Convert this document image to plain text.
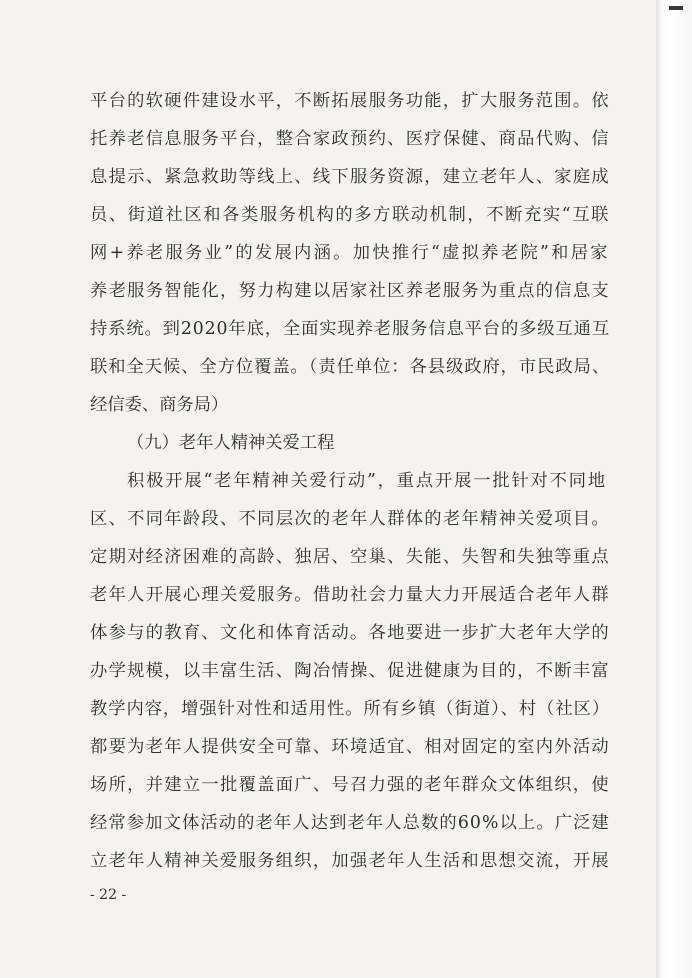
平台的软硬件建设水平，不断拓展服务功能，扩大服务范围。依
托养老信息服务平台，整合家政预约、医疗保健、商品代购、信
息提示、紧急救助等线上、线下服务资源，建立老年人、家庭成
员、街道社区和各类服务机构的多方联动机制，不断充实“互联
网+养老服务业”的发展内涵。加快推行“虚拟养老院”和居家
养老服务智能化，努力构建以居家社区养老服务为重点的信息支
持系统。到2020年底，全面实现养老服务信息平台的多级互通互
联和全天候、全方位覆盖。（责任单位：各县级政府，市民政局、
经信委、商务局）
（九）老年人精神关爱工程
积极开展“老年精神关爱行动”，重点开展一批针对不同地
区、不同年龄段、不同层次的老年人群体的老年精神关爱项目。
定期对经济困难的高龄、独居、空巢、失能、失智和失独等重点
老年人开展心理关爱服务。借助社会力量大力开展适合老年人群
体参与的教育、文化和体育活动。各地要进一步扩大老年大学的
办学规模，以丰富生活、陶冶情操、促进健康为目的，不断丰富
教学内容，增强针对性和适用性。所有乡镇（街道）、村（社区）
都要为老年人提供安全可靠、环境适宜、相对固定的室内外活动
场所，并建立一批覆盖面广、号召力强的老年群众文体组织，使
经常参加文体活动的老年人达到老年人总数的60%以上。广泛建
立老年人精神关爱服务组织，加强老年人生活和思想交流，开展
- 22 -
